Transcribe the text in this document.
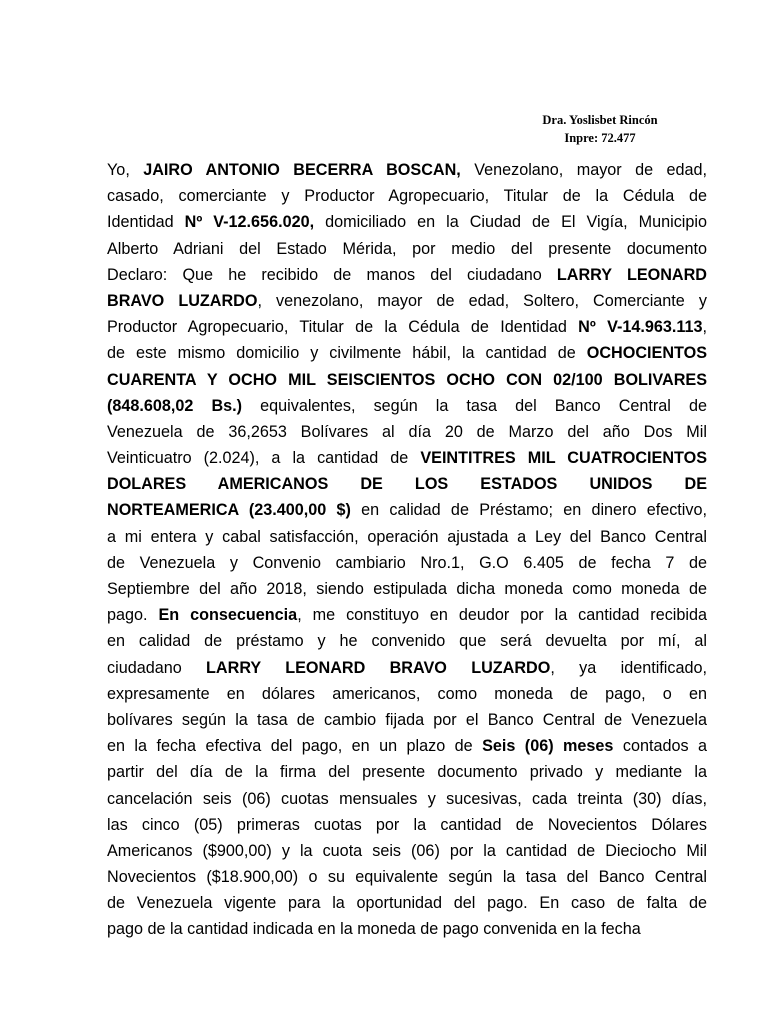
Dra. Yoslisbet Rincón
Inpre: 72.477
Yo, JAIRO ANTONIO BECERRA BOSCAN, Venezolano, mayor de edad,
casado, comerciante y Productor Agropecuario, Titular de la Cédula de
Identidad Nº V-12.656.020, domiciliado en la Ciudad de El Vigía, Municipio
Alberto Adriani del Estado Mérida, por medio del presente documento
Declaro: Que he recibido de manos del ciudadano LARRY LEONARD
BRAVO LUZARDO, venezolano, mayor de edad, Soltero, Comerciante y
Productor Agropecuario, Titular de la Cédula de Identidad Nº V-14.963.113,
de este mismo domicilio y civilmente hábil, la cantidad de OCHOCIENTOS
CUARENTA Y OCHO MIL SEISCIENTOS OCHO CON 02/100 BOLIVARES
(848.608,02 Bs.) equivalentes, según la tasa del Banco Central de
Venezuela de 36,2653 Bolívares al día 20 de Marzo del año Dos Mil
Veinticuatro (2.024), a la cantidad de VEINTITRES MIL CUATROCIENTOS
DOLARES AMERICANOS DE LOS ESTADOS UNIDOS DE
NORTEAMERICA (23.400,00 $) en calidad de Préstamo; en dinero efectivo,
a mi entera y cabal satisfacción, operación ajustada a Ley del Banco Central
de Venezuela y Convenio cambiario Nro.1, G.O 6.405 de fecha 7 de
Septiembre del año 2018, siendo estipulada dicha moneda como moneda de
pago. En consecuencia, me constituyo en deudor por la cantidad recibida
en calidad de préstamo y he convenido que será devuelta por mí, al
ciudadano LARRY LEONARD BRAVO LUZARDO, ya identificado,
expresamente en dólares americanos, como moneda de pago, o en
bolívares según la tasa de cambio fijada por el Banco Central de Venezuela
en la fecha efectiva del pago, en un plazo de Seis (06) meses contados a
partir del día de la firma del presente documento privado y mediante la
cancelación seis (06) cuotas mensuales y sucesivas, cada treinta (30) días,
las cinco (05) primeras cuotas por la cantidad de Novecientos Dólares
Americanos ($900,00) y la cuota seis (06) por la cantidad de Dieciocho Mil
Novecientos ($18.900,00) o su equivalente según la tasa del Banco Central
de Venezuela vigente para la oportunidad del pago. En caso de falta de
pago de la cantidad indicada en la moneda de pago convenida en la fecha
